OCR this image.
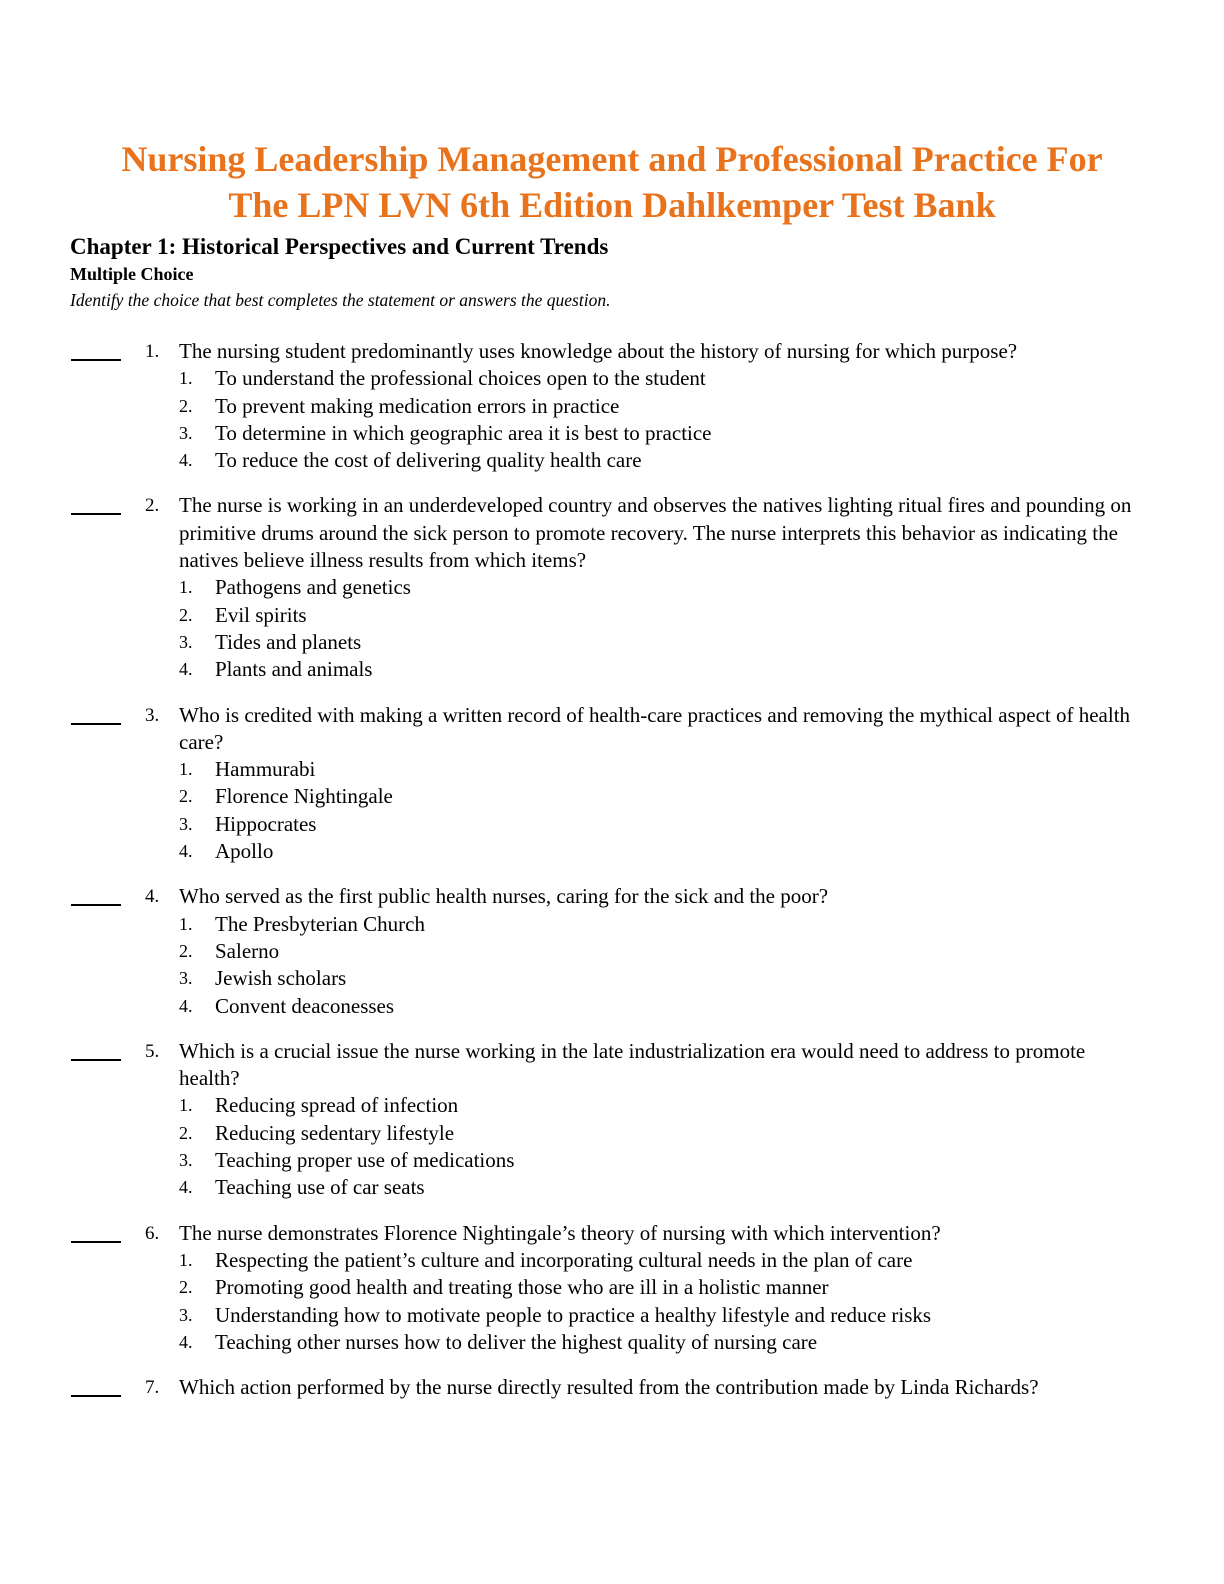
Nursing Leadership Management and Professional Practice For
The LPN LVN 6th Edition Dahlkemper Test Bank
Chapter 1: Historical Perspectives and Current Trends
Multiple Choice
Identify the choice that best completes the statement or answers the question.
1. The nursing student predominantly uses knowledge about the history of nursing for which purpose?
1. To understand the professional choices open to the student
2. To prevent making medication errors in practice
3. To determine in which geographic area it is best to practice
4. To reduce the cost of delivering quality health care
2. The nurse is working in an underdeveloped country and observes the natives lighting ritual fires and pounding on primitive drums around the sick person to promote recovery. The nurse interprets this behavior as indicating the natives believe illness results from which items?
1. Pathogens and genetics
2. Evil spirits
3. Tides and planets
4. Plants and animals
3. Who is credited with making a written record of health-care practices and removing the mythical aspect of health care?
1. Hammurabi
2. Florence Nightingale
3. Hippocrates
4. Apollo
4. Who served as the first public health nurses, caring for the sick and the poor?
1. The Presbyterian Church
2. Salerno
3. Jewish scholars
4. Convent deaconesses
5. Which is a crucial issue the nurse working in the late industrialization era would need to address to promote health?
1. Reducing spread of infection
2. Reducing sedentary lifestyle
3. Teaching proper use of medications
4. Teaching use of car seats
6. The nurse demonstrates Florence Nightingale’s theory of nursing with which intervention?
1. Respecting the patient’s culture and incorporating cultural needs in the plan of care
2. Promoting good health and treating those who are ill in a holistic manner
3. Understanding how to motivate people to practice a healthy lifestyle and reduce risks
4. Teaching other nurses how to deliver the highest quality of nursing care
7. Which action performed by the nurse directly resulted from the contribution made by Linda Richards?
